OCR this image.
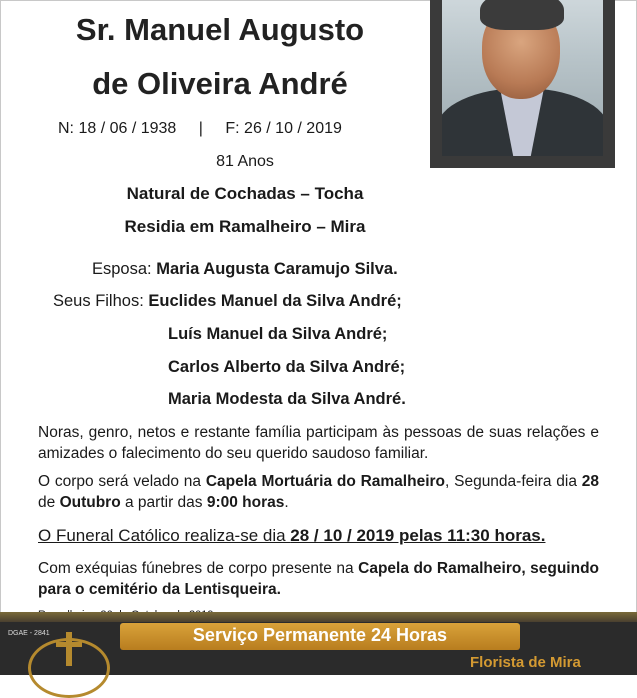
Sr. Manuel Augusto
de Oliveira André
N: 18 / 06 / 1938 | F: 26 / 10 / 2019
81 Anos
Natural de Cochadas – Tocha
Residia em Ramalheiro – Mira
Esposa: Maria Augusta Caramujo Silva.
Seus Filhos: Euclides Manuel da Silva André;
Luís Manuel da Silva André;
Carlos Alberto da Silva André;
Maria Modesta da Silva André.
Noras, genro, netos e restante família participam às pessoas de suas relações e amizades o falecimento do seu querido saudoso familiar.
O corpo será velado na Capela Mortuária do Ramalheiro, Segunda-feira dia 28 de Outubro a partir das 9:00 horas.
O Funeral Católico realiza-se dia 28 / 10 / 2019 pelas 11:30 horas.
Com exéquias fúnebres de corpo presente na Capela do Ramalheiro, seguindo para o cemitério da Lentisqueira.
DGAE - 2841	Serviço Permanente 24 Horas
Florista de Mira
